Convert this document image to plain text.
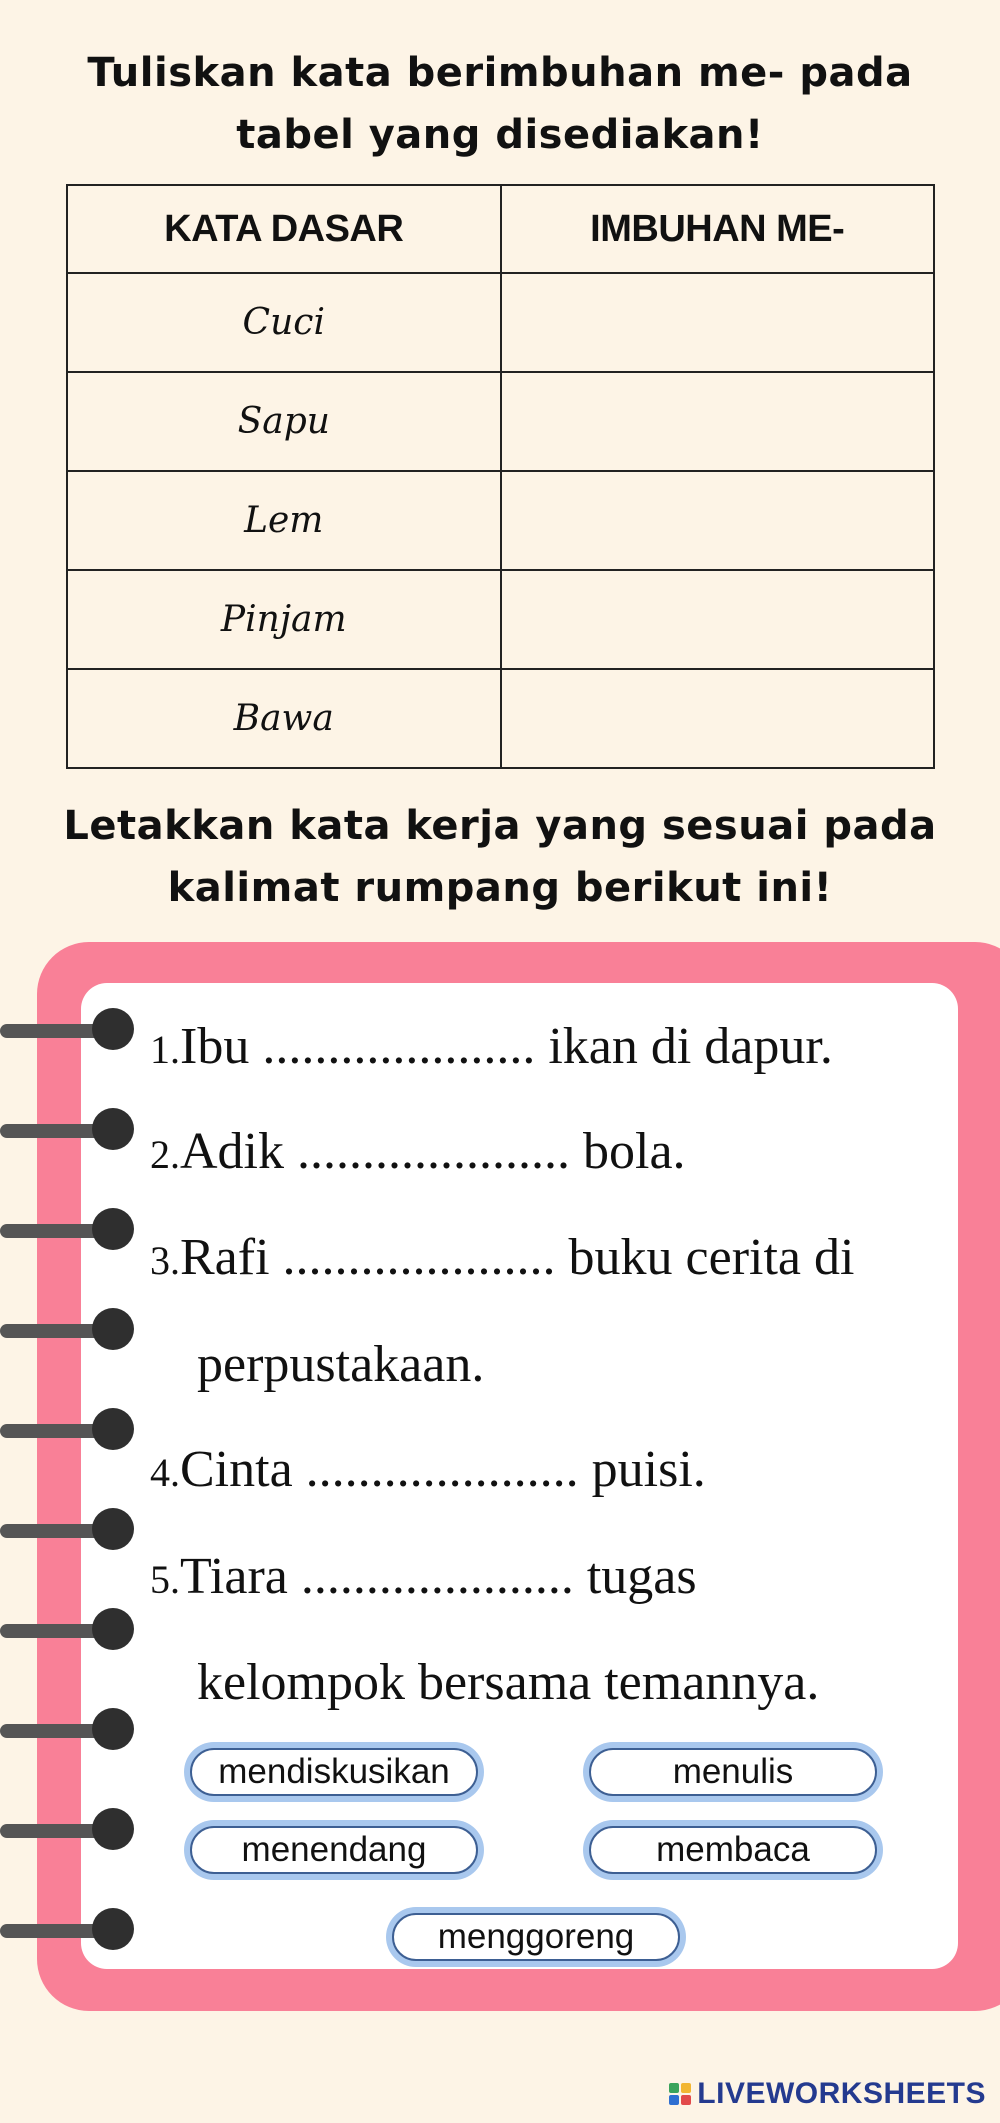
Tuliskan kata berimbuhan me- pada tabel yang disediakan!
KATA DASAR	IMBUHAN ME-
Cuci	
Sapu	
Lem	
Pinjam	
Bawa	
Letakkan kata kerja yang sesuai pada kalimat rumpang berikut ini!
1.Ibu ..................... ikan di dapur.
2.Adik ..................... bola.
3.Rafi ..................... buku cerita di
perpustakaan.
4.Cinta ..................... puisi.
5.Tiara ..................... tugas
kelompok bersama temannya.
mendiskusikan	menulis
menendang	membaca
menggoreng
LIVEWORKSHEETS
